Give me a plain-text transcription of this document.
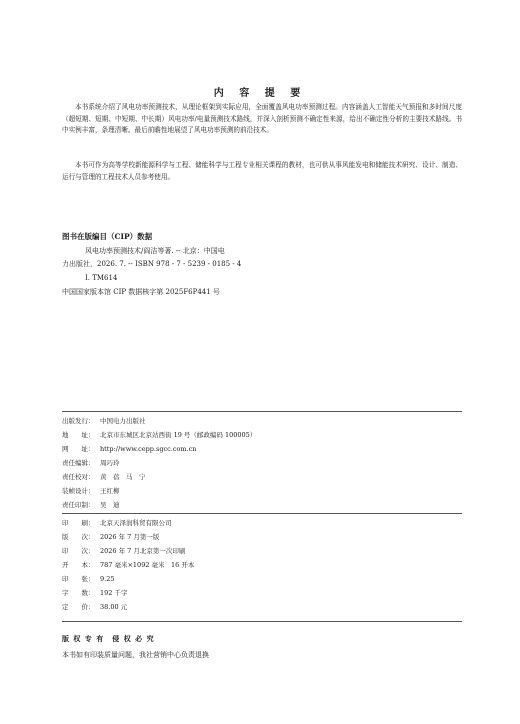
内 容 提 要
本书系统介绍了风电功率预测技术，从理论框架到实际应用，全面覆盖风电功率预测过程。内容涵盖人工智能天气预报和多时间尺度（超短期、短期、中短期、中长期）风电功率/电量预测技术路线，并深入剖析预测不确定性来源，给出不确定性分析的主要技术路线。书中实例丰富，条理清晰。最后前瞻性地展望了风电功率预测的前沿技术。
本书可作为高等学校新能源科学与工程、储能科学与工程专业相关课程的教材，也可供从事风能发电和储能技术研究、设计、制造、运行与管理的工程技术人员参考使用。
图书在版编目（CIP）数据
风电功率预测技术/阎洁等著. -- 北京：中国电
力出版社，2026. 7. -- ISBN 978 - 7 - 5239 - 0185 - 4
Ⅰ. TM614
中国国家版本馆 CIP 数据核字第 2025F6P441 号
出版发行： 中国电力出版社
地　　址： 北京市东城区北京站西街 19 号（邮政编码 100005）
网　　址： http://www.cepp.sgcc.com.cn
责任编辑： 周巧玲
责任校对： 黄　蓓　马　宁
装帧设计： 王红柳
责任印制： 吴　迪
印　　刷： 北京天泽润科贸有限公司
版　　次： 2026 年 7 月第一版
印　　次： 2026 年 7 月北京第一次印刷
开　　本： 787 毫米×1092 毫米　16 开本
印　　张： 9.25
字　　数： 192 千字
定　　价： 38.00 元
版 权 专 有　侵 权 必 究
本书如有印装质量问题，我社营销中心负责退换
